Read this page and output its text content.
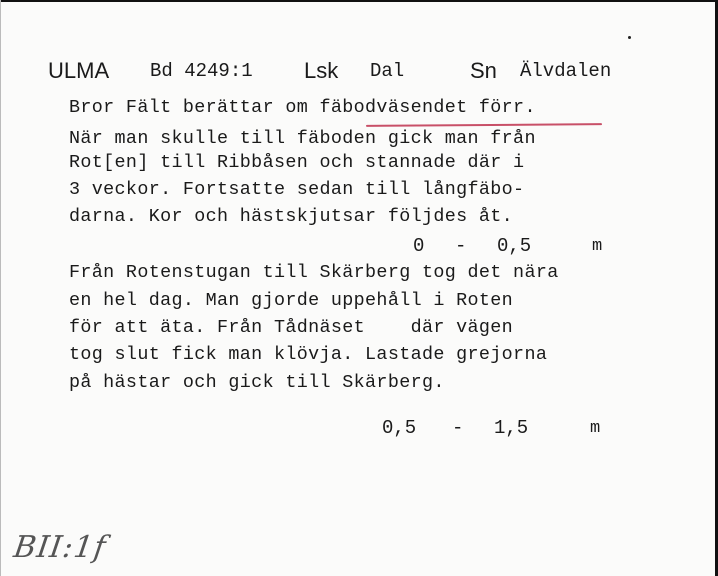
ULMA Bd 4249:1 Lsk Dal	Sn Älvdalen
Bror Fält berättar om fäbodväsendet förr.
När man skulle till fäboden gick man från
Rot[en] till Ribbåsen och stannade där i
3 veckor. Fortsatte sedan till långfäbo-
darna. Kor och hästskjutsar följdes åt.
0 - 0,5	m
Från Rotenstugan till Skärberg tog det nära
en hel dag. Man gjorde uppehåll i Roten
för att äta. Från Tådnäset    där vägen
tog slut fick man klövja. Lastade grejorna
på hästar och gick till Skärberg.
0,5 - 1,5	m
BII:1f
